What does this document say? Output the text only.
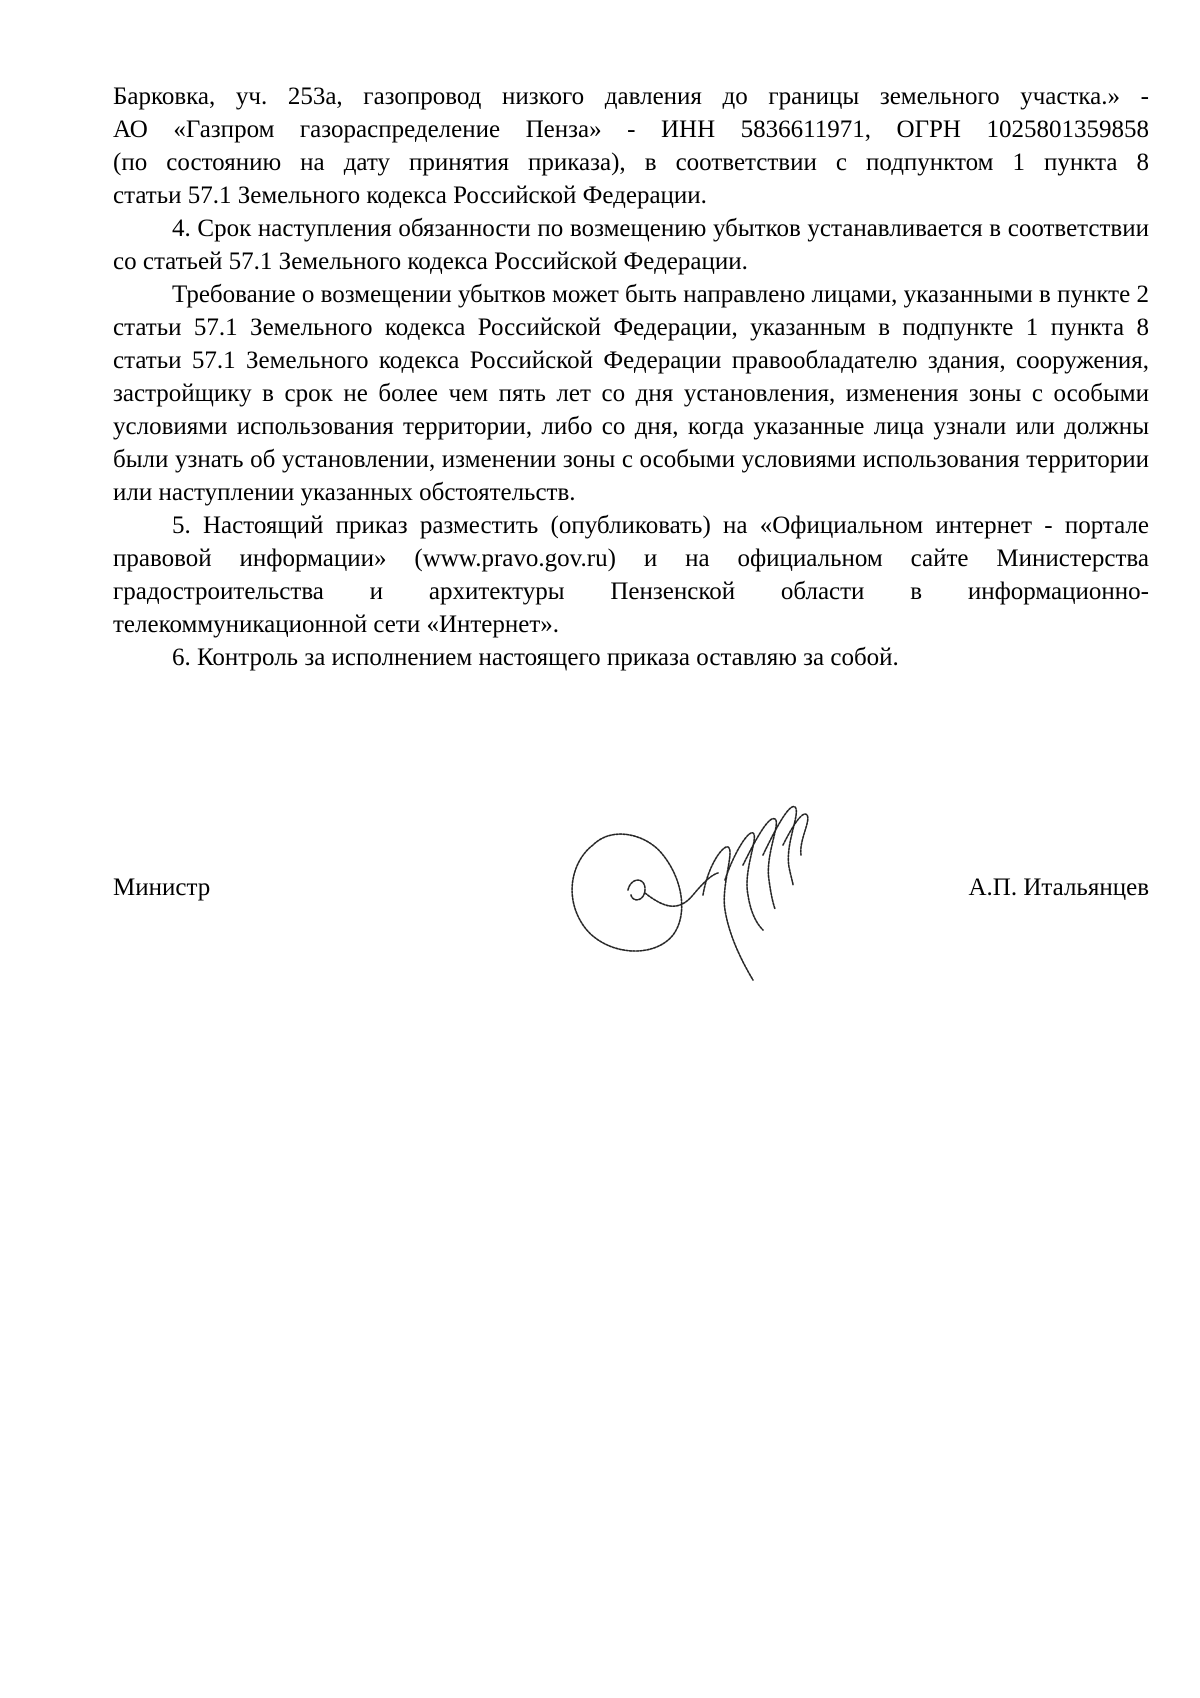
Барковка, уч. 253а, газопровод низкого давления до границы земельного участка.» -
АО «Газпром газораспределение Пенза» - ИНН 5836611971, ОГРН 1025801359858
(по состоянию на дату принятия приказа), в соответствии с подпунктом 1 пункта 8
статьи 57.1 Земельного кодекса Российской Федерации.

4. Срок наступления обязанности по возмещению убытков устанавливается в соответствии со статьей 57.1 Земельного кодекса Российской Федерации.

Требование о возмещении убытков может быть направлено лицами, указанными в пункте 2 статьи 57.1 Земельного кодекса Российской Федерации, указанным в подпункте 1 пункта 8 статьи 57.1 Земельного кодекса Российской Федерации правообладателю здания, сооружения, застройщику в срок не более чем пять лет со дня установления, изменения зоны с особыми условиями использования территории, либо со дня, когда указанные лица узнали или должны были узнать об установлении, изменении зоны с особыми условиями использования территории или наступлении указанных обстоятельств.

5. Настоящий приказ разместить (опубликовать) на «Официальном интернет - портале правовой информации» (www.pravo.gov.ru) и на официальном сайте Министерства градостроительства и архитектуры Пензенской области в информационно-телекоммуникационной сети «Интернет».

6. Контроль за исполнением настоящего приказа оставляю за собой.

Министр	А.П. Итальянцев
